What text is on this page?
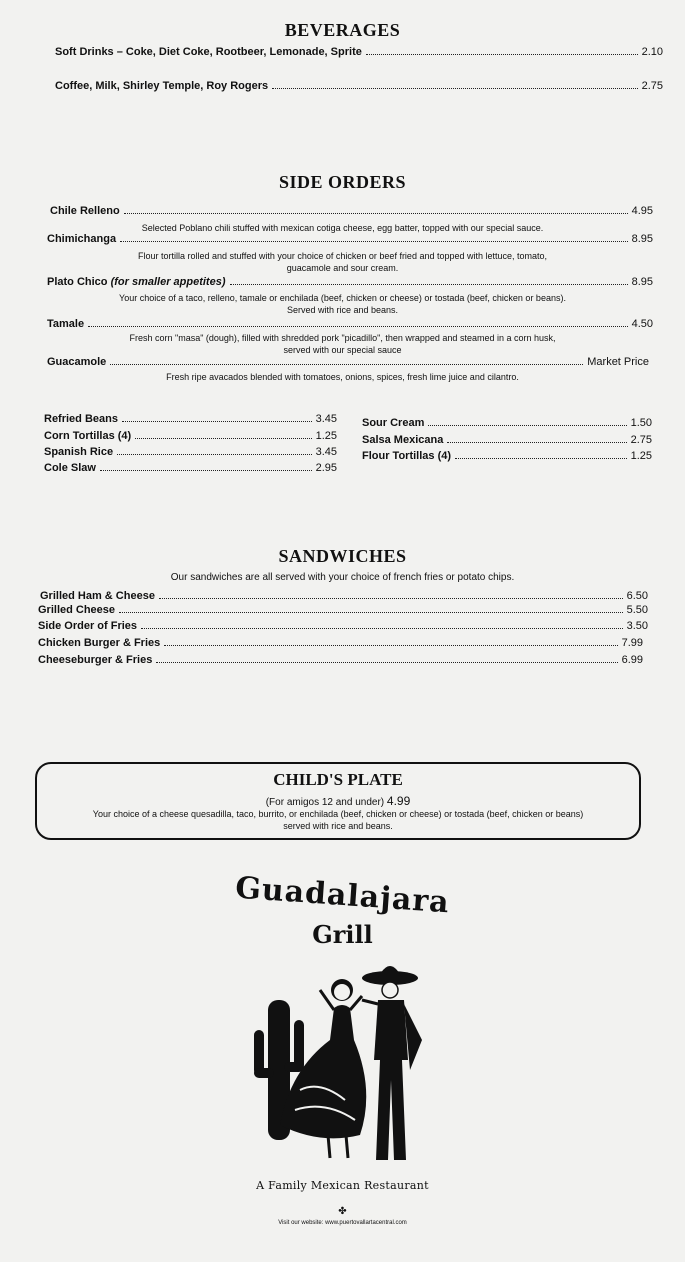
BEVERAGES
Soft Drinks – Coke, Diet Coke, Rootbeer, Lemonade, Sprite	2.10
Coffee, Milk, Shirley Temple, Roy Rogers	2.75
SIDE ORDERS
Chile Relleno	4.95
Selected Poblano chili stuffed with mexican cotiga cheese, egg batter, topped with our special sauce.
Chimichanga	8.95
Flour tortilla rolled and stuffed with your choice of chicken or beef fried and topped with lettuce, tomato,
guacamole and sour cream.
Plato Chico (for smaller appetites)	8.95
Your choice of a taco, relleno, tamale or enchilada (beef, chicken or cheese) or tostada (beef, chicken or beans).
Served with rice and beans.
Tamale	4.50
Fresh corn "masa" (dough), filled with shredded pork "picadillo", then wrapped and steamed in a corn husk,
served with our special sauce
Guacamole	Market Price
Fresh ripe avacados blended with tomatoes, onions, spices, fresh lime juice and cilantro.
Refried Beans	3.45
Corn Tortillas (4)	1.25
Spanish Rice	3.45
Cole Slaw	2.95
Sour Cream	1.50
Salsa Mexicana	2.75
Flour Tortillas (4)	1.25
SANDWICHES
Our sandwiches are all served with your choice of french fries or potato chips.
Grilled Ham & Cheese	6.50
Grilled Cheese	5.50
Side Order of Fries	3.50
Chicken Burger & Fries	7.99
Cheeseburger & Fries	6.99
CHILD'S PLATE
(For amigos 12 and under) 4.99
Your choice of a cheese quesadilla, taco, burrito, or enchilada (beef, chicken or cheese) or tostada (beef, chicken or beans)
served with rice and beans.
Guadalajara
Grill
A Family Mexican Restaurant
✤
Visit our website: www.puertovallartacentral.com
